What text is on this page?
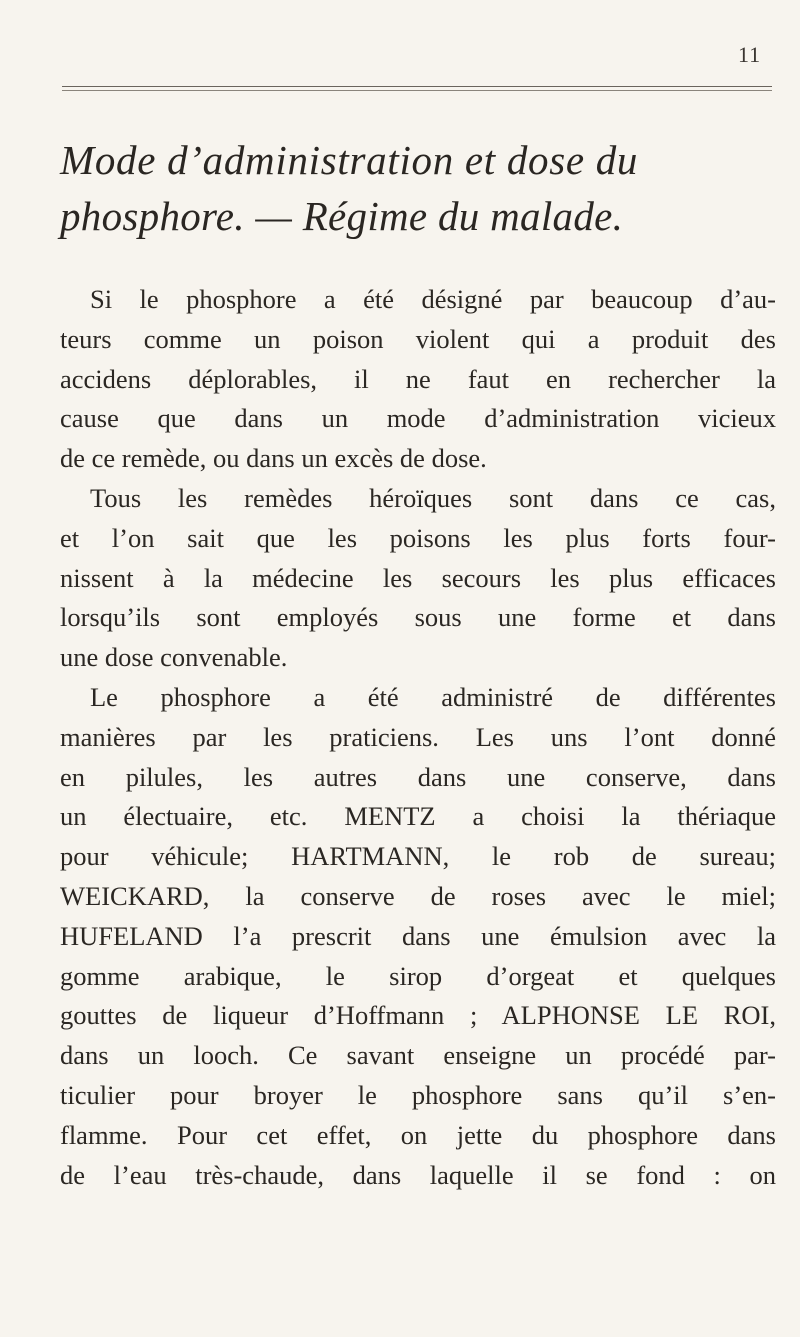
11
Mode d’administration et dose du
phosphore. — Régime du malade.
Si le phosphore a été désigné par beaucoup d’au-
teurs comme un poison violent qui a produit des
accidens déplorables, il ne faut en rechercher la
cause que dans un mode d’administration vicieux
de ce remède, ou dans un excès de dose.
Tous les remèdes héroïques sont dans ce cas,
et l’on sait que les poisons les plus forts four-
nissent à la médecine les secours les plus efficaces
lorsqu’ils sont employés sous une forme et dans
une dose convenable.
Le phosphore a été administré de différentes
manières par les praticiens. Les uns l’ont donné
en pilules, les autres dans une conserve, dans
un électuaire, etc. MENTZ a choisi la thériaque
pour véhicule; HARTMANN, le rob de sureau;
WEICKARD, la conserve de roses avec le miel;
HUFELAND l’a prescrit dans une émulsion avec la
gomme arabique, le sirop d’orgeat et quelques
gouttes de liqueur d’Hoffmann ; ALPHONSE LE ROI,
dans un looch. Ce savant enseigne un procédé par-
ticulier pour broyer le phosphore sans qu’il s’en-
flamme. Pour cet effet, on jette du phosphore dans
de l’eau très-chaude, dans laquelle il se fond : on
